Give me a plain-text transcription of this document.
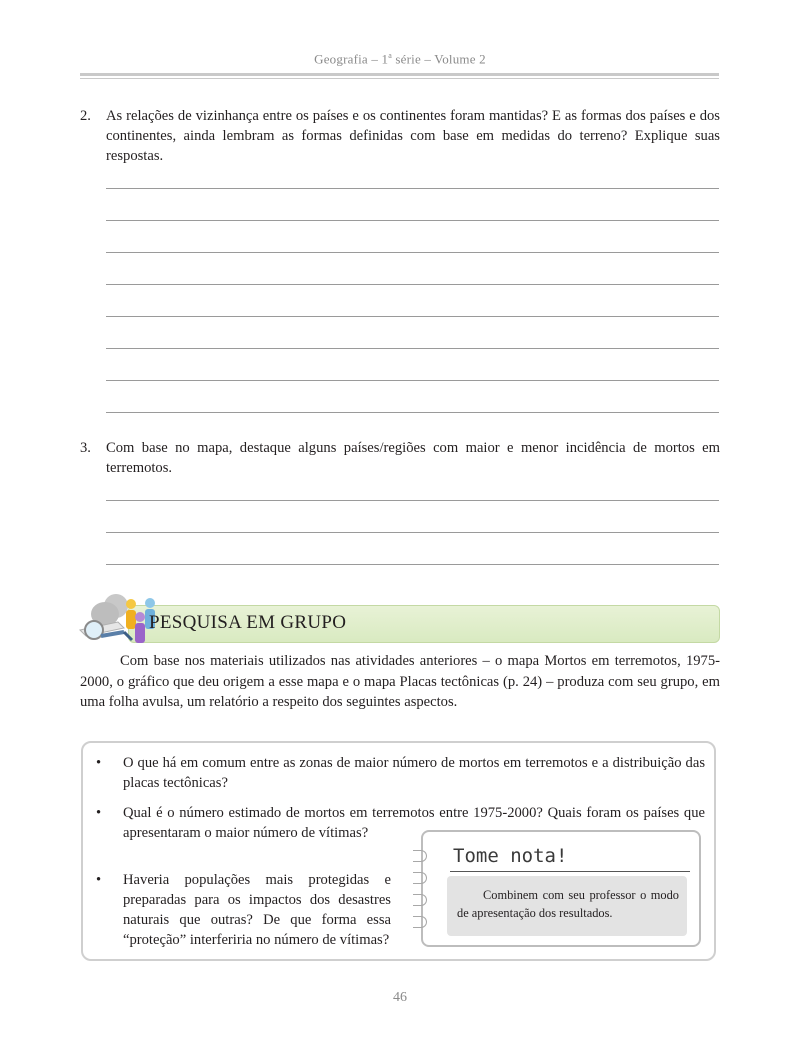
Geografia – 1$^a$ série – Volume 2
2. As relações de vizinhança entre os países e os continentes foram mantidas? E as formas dos países e dos continentes, ainda lembram as formas definidas com base em medidas do terreno? Explique suas respostas.
3. Com base no mapa, destaque alguns países/regiões com maior e menor incidência de mortos em terremotos.
PESQUISA EM GRUPO
Com base nos materiais utilizados nas atividades anteriores – o mapa Mortos em terremotos, 1975-2000, o gráfico que deu origem a esse mapa e o mapa Placas tectônicas (p. 24) – produza com seu grupo, em uma folha avulsa, um relatório a respeito dos seguintes aspectos.
• O que há em comum entre as zonas de maior número de mortos em terremotos e a distribuição das placas tectônicas?
• Qual é o número estimado de mortos em terremotos entre 1975-2000? Quais foram os países que apresentaram o maior número de vítimas?
• Haveria populações mais protegidas e preparadas para os impactos dos desastres naturais que outras? De que forma essa “proteção” interferiria no número de vítimas?
Tome nota!
Combinem com seu professor o modo de apresentação dos resultados.
46
